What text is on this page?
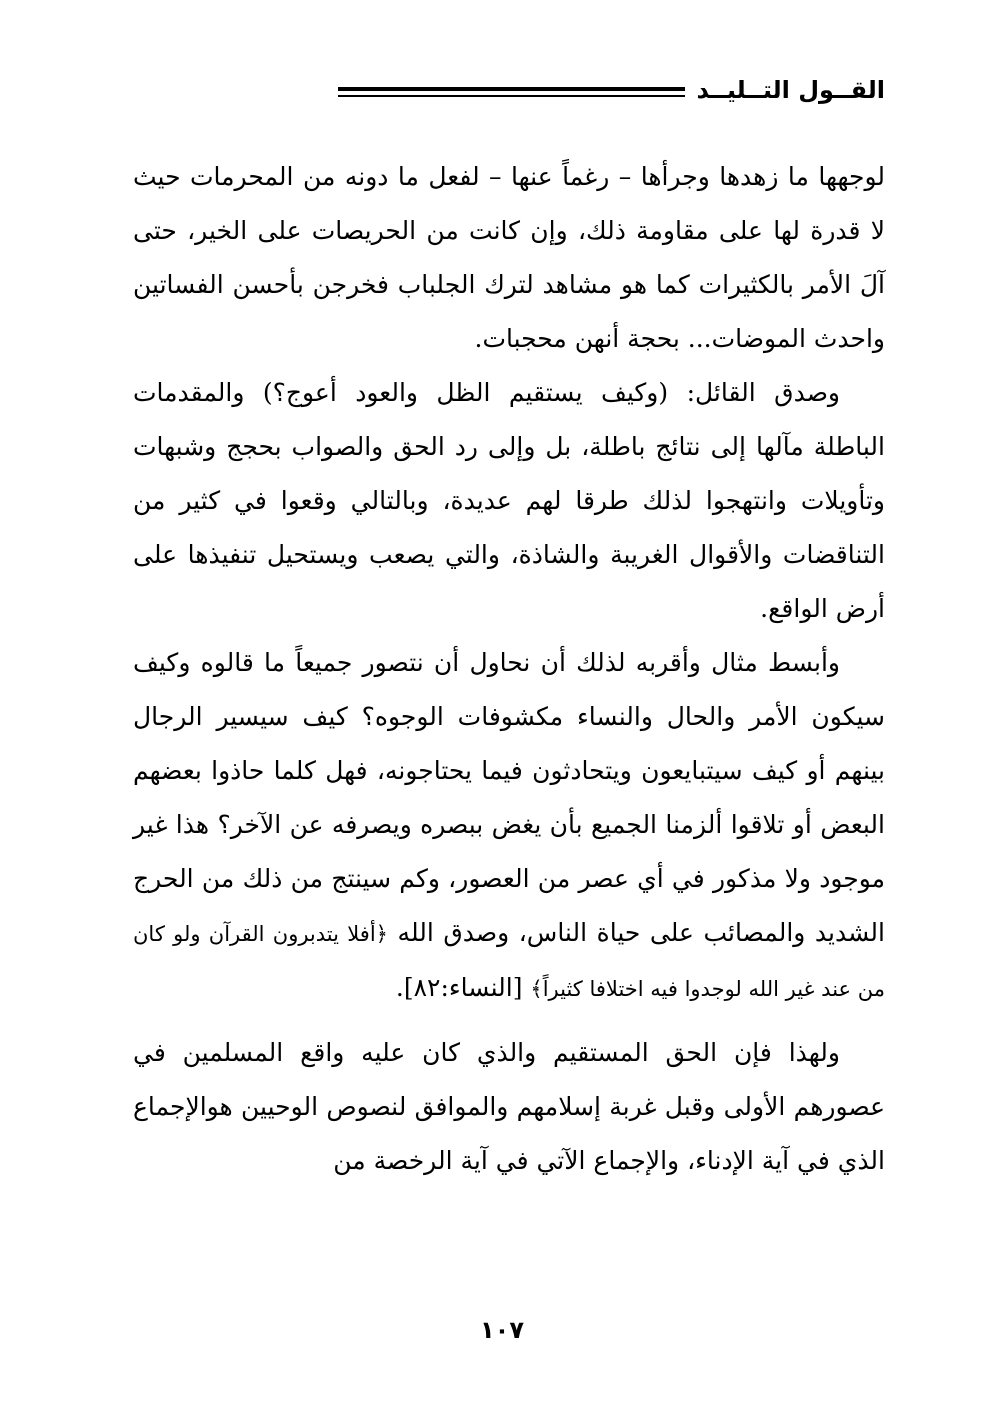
القــول التــليــد

لوجهها ما زهدها وجرأها – رغماً عنها – لفعل ما دونه من المحرمات حيث لا قدرة لها على مقاومة ذلك، وإن كانت من الحريصات على الخير، حتى آلَ الأمر بالكثيرات كما هو مشاهد لترك الجلباب فخرجن بأحسن الفساتين واحدث الموضات... بحجة أنهن محجبات.

وصدق القائل: (وكيف يستقيم الظل والعود أعوج؟) والمقدمات الباطلة مآلها إلى نتائج باطلة، بل وإلى رد الحق والصواب بحجج وشبهات وتأويلات وانتهجوا لذلك طرقا لهم عديدة، وبالتالي وقعوا في كثير من التناقضات والأقوال الغريبة والشاذة، والتي يصعب ويستحيل تنفيذها على أرض الواقع.

وأبسط مثال وأقربه لذلك أن نحاول أن نتصور جميعاً ما قالوه وكيف سيكون الأمر والحال والنساء مكشوفات الوجوه؟ كيف سيسير الرجال بينهم أو كيف سيتبايعون ويتحادثون فيما يحتاجونه، فهل كلما حاذوا بعضهم البعض أو تلاقوا ألزمنا الجميع بأن يغض ببصره ويصرفه عن الآخر؟ هذا غير موجود ولا مذكور في أي عصر من العصور، وكم سينتج من ذلك من الحرج الشديد والمصائب على حياة الناس، وصدق الله ﴿أفلا يتدبرون القرآن ولو كان من عند غير الله لوجدوا فيه اختلافا كثيراً﴾ [النساء:٨٢].

ولهذا فإن الحق المستقيم والذي كان عليه واقع المسلمين في عصورهم الأولى وقبل غربة إسلامهم والموافق لنصوص الوحيين هوالإجماع الذي في آية الإدناء، والإجماع الآتي في آية الرخصة من

١٠٧
